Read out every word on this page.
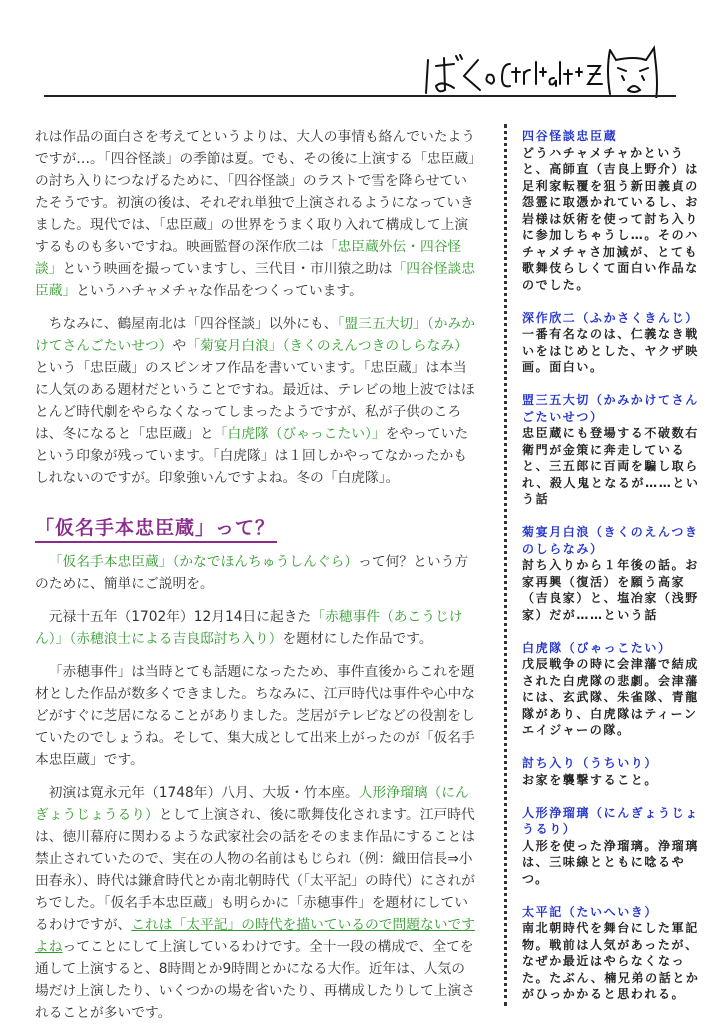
れは作品の面白さを考えてというよりは、大人の事情も絡んでいたようですが…。「四谷怪談」の季節は夏。でも、その後に上演する「忠臣蔵」の討ち入りにつなげるために、「四谷怪談」のラストで雪を降らせていたそうです。初演の後は、それぞれ単独で上演されるようになっていきました。現代では、「忠臣蔵」の世界をうまく取り入れて構成して上演するものも多いですね。映画監督の深作欣二は「忠臣蔵外伝・四谷怪談」という映画を撮っていますし、三代目・市川猿之助は「四谷怪談忠臣蔵」というハチャメチャな作品をつくっています。

ちなみに、鶴屋南北は「四谷怪談」以外にも、「盟三五大切」（かみかけてさんごたいせつ）や「菊宴月白浪」（きくのえんつきのしらなみ）という「忠臣蔵」のスピンオフ作品を書いています。「忠臣蔵」は本当に人気のある題材だということですね。最近は、テレビの地上波ではほとんど時代劇をやらなくなってしまったようですが、私が子供のころは、冬になると「忠臣蔵」と「白虎隊（びゃっこたい）」をやっていたという印象が残っています。「白虎隊」は１回しかやってなかったかもしれないのですが。印象強いんですよね。冬の「白虎隊」。

「仮名手本忠臣蔵」って？

「仮名手本忠臣蔵」（かなでほんちゅうしんぐら）って何？という方のために、簡単にご説明を。

元禄十五年（1702年）12月14日に起きた「赤穂事件（あこうじけん）」（赤穂浪士による吉良邸討ち入り）を題材にした作品です。

「赤穂事件」は当時とても話題になったため、事件直後からこれを題材とした作品が数多くできました。ちなみに、江戸時代は事件や心中などがすぐに芝居になることがありました。芝居がテレビなどの役割をしていたのでしょうね。そして、集大成として出来上がったのが「仮名手本忠臣蔵」です。

初演は寛永元年（1748年）八月、大坂・竹本座。人形浄瑠璃（にんぎょうじょうるり）として上演され、後に歌舞伎化されます。江戸時代は、徳川幕府に関わるような武家社会の話をそのまま作品にすることは禁止されていたので、実在の人物の名前はもじられ（例：織田信長⇒小田春永）、時代は鎌倉時代とか南北朝時代（「太平記」の時代）にされがちでした。「仮名手本忠臣蔵」も明らかに「赤穂事件」を題材にしているわけですが、これは「太平記」の時代を描いているので問題ないですよねってことにして上演しているわけです。全十一段の構成で、全てを通して上演すると、8時間とか9時間とかになる大作。近年は、人気の場だけ上演したり、いくつかの場を省いたり、再構成したりして上演されることが多いです。

四谷怪談忠臣蔵
どうハチャメチャかというと、高師直（吉良上野介）は足利家転覆を狙う新田義貞の怨霊に取憑かれているし、お岩様は妖術を使って討ち入りに参加しちゃうし…。そのハチャメチャさ加減が、とても歌舞伎らしくて面白い作品なのでした。
深作欣二（ふかさくきんじ）
一番有名なのは、仁義なき戦いをはじめとした、ヤクザ映画。面白い。
盟三五大切（かみかけてさんごたいせつ）
忠臣蔵にも登場する不破数右衛門が金策に奔走していると、三五郎に百両を騙し取られ、殺人鬼となるが……という話
菊宴月白浪（きくのえんつきのしらなみ）
討ち入りから１年後の話。お家再興（復活）を願う高家（吉良家）と、塩冶家（浅野家）だが……という話
白虎隊（びゃっこたい）
戊辰戦争の時に会津藩で結成された白虎隊の悲劇。会津藩には、玄武隊、朱雀隊、青龍隊があり、白虎隊はティーンエイジャーの隊。
討ち入り（うちいり）
お家を襲撃すること。
人形浄瑠璃（にんぎょうじょうるり）
人形を使った浄瑠璃。浄瑠璃は、三味線とともに唸るやつ。
太平記（たいへいき）
南北朝時代を舞台にした軍記物。戦前は人気があったが、なぜか最近はやらなくなった。たぶん、楠兄弟の話とかがひっかかると思われる。
